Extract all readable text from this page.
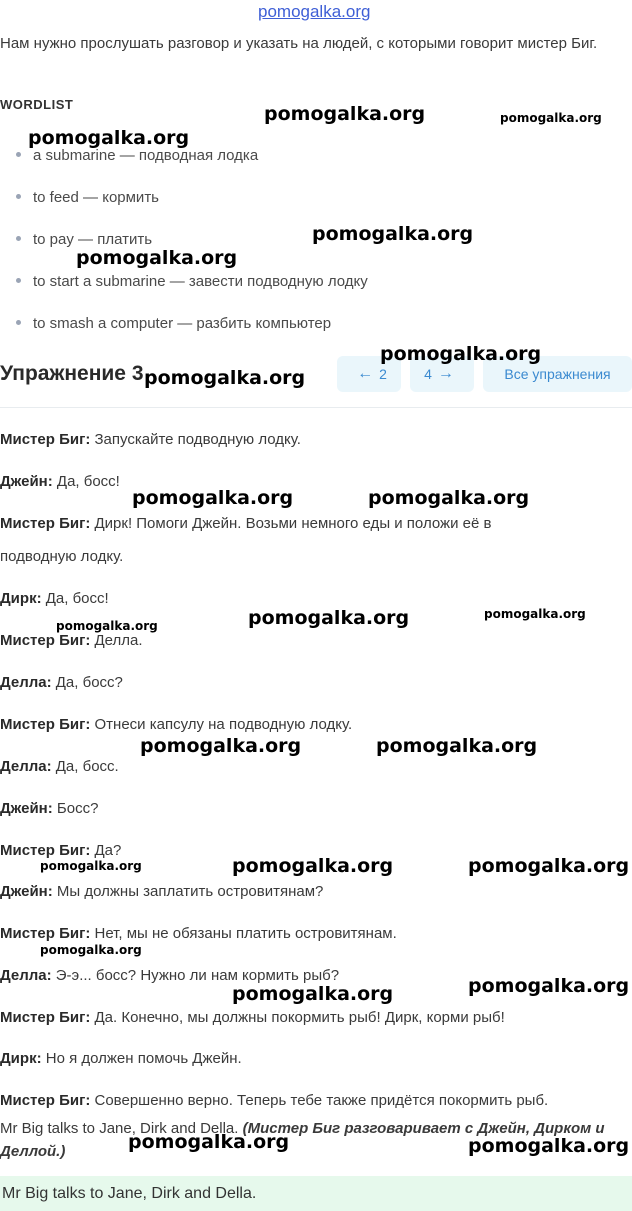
pomogalka.org
Нам нужно прослушать разговор и указать на людей, с которыми говорит мистер Биг.
WORDLIST
a submarine — подводная лодка
to feed — кормить
to pay — платить
to start a submarine — завести подводную лодку
to smash a computer — разбить компьютер
Упражнение 3	← 2	4 →	Все упражнения
Мистер Биг: Запускайте подводную лодку.
Джейн: Да, босс!
Мистер Биг: Дирк! Помоги Джейн. Возьми немного еды и положи её в
подводную лодку.
Дирк: Да, босс!
Мистер Биг: Делла.
Делла: Да, босс?
Мистер Биг: Отнеси капсулу на подводную лодку.
Делла: Да, босс.
Джейн: Босс?
Мистер Биг: Да?
Джейн: Мы должны заплатить островитянам?
Мистер Биг: Нет, мы не обязаны платить островитянам.
Делла: Э-э... босс? Нужно ли нам кормить рыб?
Мистер Биг: Да. Конечно, мы должны покормить рыб! Дирк, корми рыб!
Дирк: Но я должен помочь Джейн.
Мистер Биг: Совершенно верно. Теперь тебе также придётся покормить рыб.
Mr Big talks to Jane, Dirk and Della. (Мистер Биг разговаривает с Джейн, Дирком и Деллой.)
Mr Big talks to Jane, Dirk and Della.
pomogalka.org	pomogalka.org
pomogalka.org
pomogalka.org
pomogalka.org
pomogalka.org
pomogalka.org
pomogalka.org	pomogalka.org
pomogalka.org	pomogalka.org
pomogalka.org
pomogalka.org	pomogalka.org
pomogalka.org	pomogalka.org	pomogalka.org
pomogalka.org
pomogalka.org
pomogalka.org
pomogalka.org	pomogalka.org
